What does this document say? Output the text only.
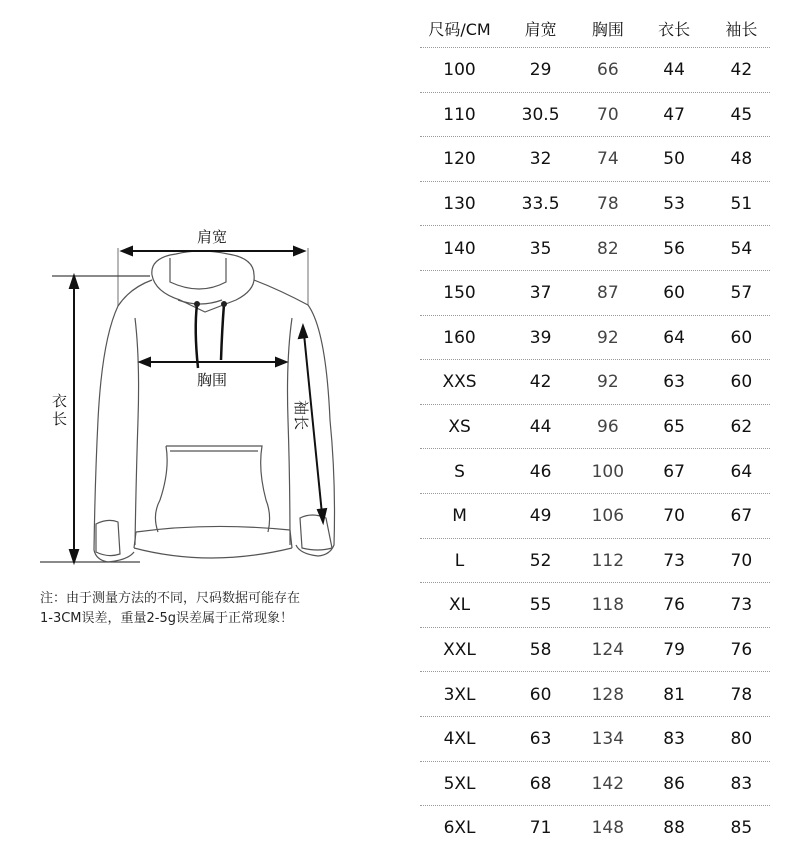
肩宽
胸围
衣长	袖长

注：由于测量方法的不同，尺码数据可能存在

1-3CM误差，重量2-5g误差属于正常现象！

尺码/CM	肩宽	胸围	衣长	袖长
100	29	66	44	42
110	30.5	70	47	45
120	32	74	50	48
130	33.5	78	53	51
140	35	82	56	54
150	37	87	60	57
160	39	92	64	60
XXS	42	92	63	60
XS	44	96	65	62
S	46	100	67	64
M	49	106	70	67
L	52	112	73	70
XL	55	118	76	73
XXL	58	124	79	76
3XL	60	128	81	78
4XL	63	134	83	80
5XL	68	142	86	83
6XL	71	148	88	85
